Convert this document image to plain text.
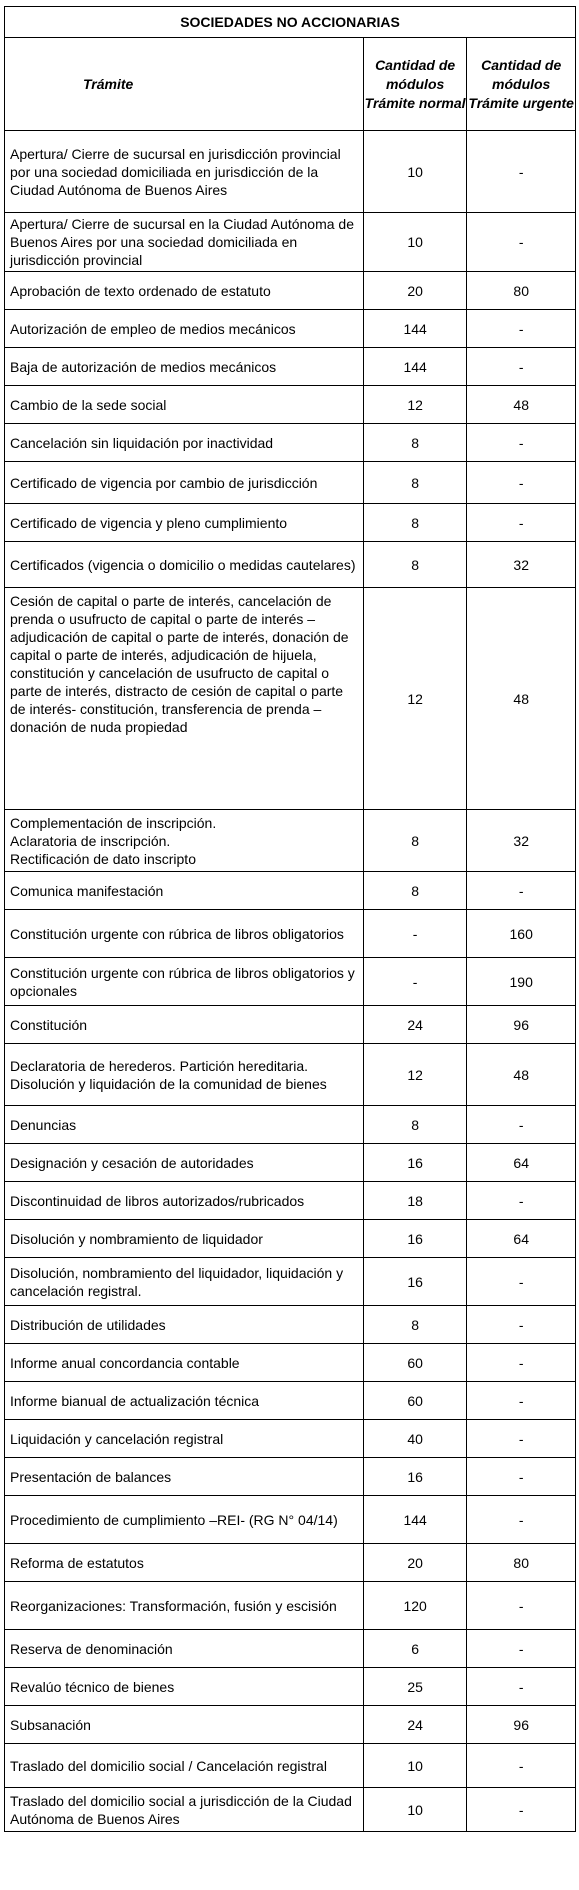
SOCIEDADES NO ACCIONARIAS		
Trámite	Cantidad de módulos Trámite normal	Cantidad de módulos Trámite urgente
Apertura/ Cierre de sucursal en jurisdicción provincial por una sociedad domiciliada en jurisdicción de la Ciudad Autónoma de Buenos Aires	10	-
Apertura/ Cierre de sucursal en la Ciudad Autónoma de Buenos Aires por una sociedad domiciliada en jurisdicción provincial	10	-
Aprobación de texto ordenado de estatuto	20	80
Autorización de empleo de medios mecánicos	144	-
Baja de autorización de medios mecánicos	144	-
Cambio de la sede social	12	48
Cancelación sin liquidación por inactividad	8	-
Certificado de vigencia por cambio de jurisdicción	8	-
Certificado de vigencia y pleno cumplimiento	8	-
Certificados (vigencia o domicilio o medidas cautelares)	8	32
Cesión de capital o parte de interés, cancelación de prenda o usufructo de capital o parte de interés –adjudicación de capital o parte de interés, donación de capital o parte de interés, adjudicación de hijuela, constitución y cancelación de usufructo de capital o parte de interés, distracto de cesión de capital o parte de interés- constitución, transferencia de prenda –donación de nuda propiedad	12	48
Complementación de inscripción.
Aclaratoria de inscripción.
Rectificación de dato inscripto	8	32
Comunica manifestación	8	-
Constitución urgente con rúbrica de libros obligatorios	-	160
Constitución urgente con rúbrica de libros obligatorios y opcionales	-	190
Constitución	24	96
Declaratoria de herederos. Partición hereditaria. Disolución y liquidación de la comunidad de bienes	12	48
Denuncias	8	-
Designación y cesación de autoridades	16	64
Discontinuidad de libros autorizados/rubricados	18	-
Disolución y nombramiento de liquidador	16	64
Disolución, nombramiento del liquidador, liquidación y cancelación registral.	16	-
Distribución de utilidades	8	-
Informe anual concordancia contable	60	-
Informe bianual de actualización técnica	60	-
Liquidación y cancelación registral	40	-
Presentación de balances	16	-
Procedimiento de cumplimiento –REI- (RG N° 04/14)	144	-
Reforma de estatutos	20	80
Reorganizaciones: Transformación, fusión y escisión	120	-
Reserva de denominación	6	-
Revalúo técnico de bienes	25	-
Subsanación	24	96
Traslado del domicilio social / Cancelación registral	10	-
Traslado del domicilio social a jurisdicción de la Ciudad Autónoma de Buenos Aires	10	-
